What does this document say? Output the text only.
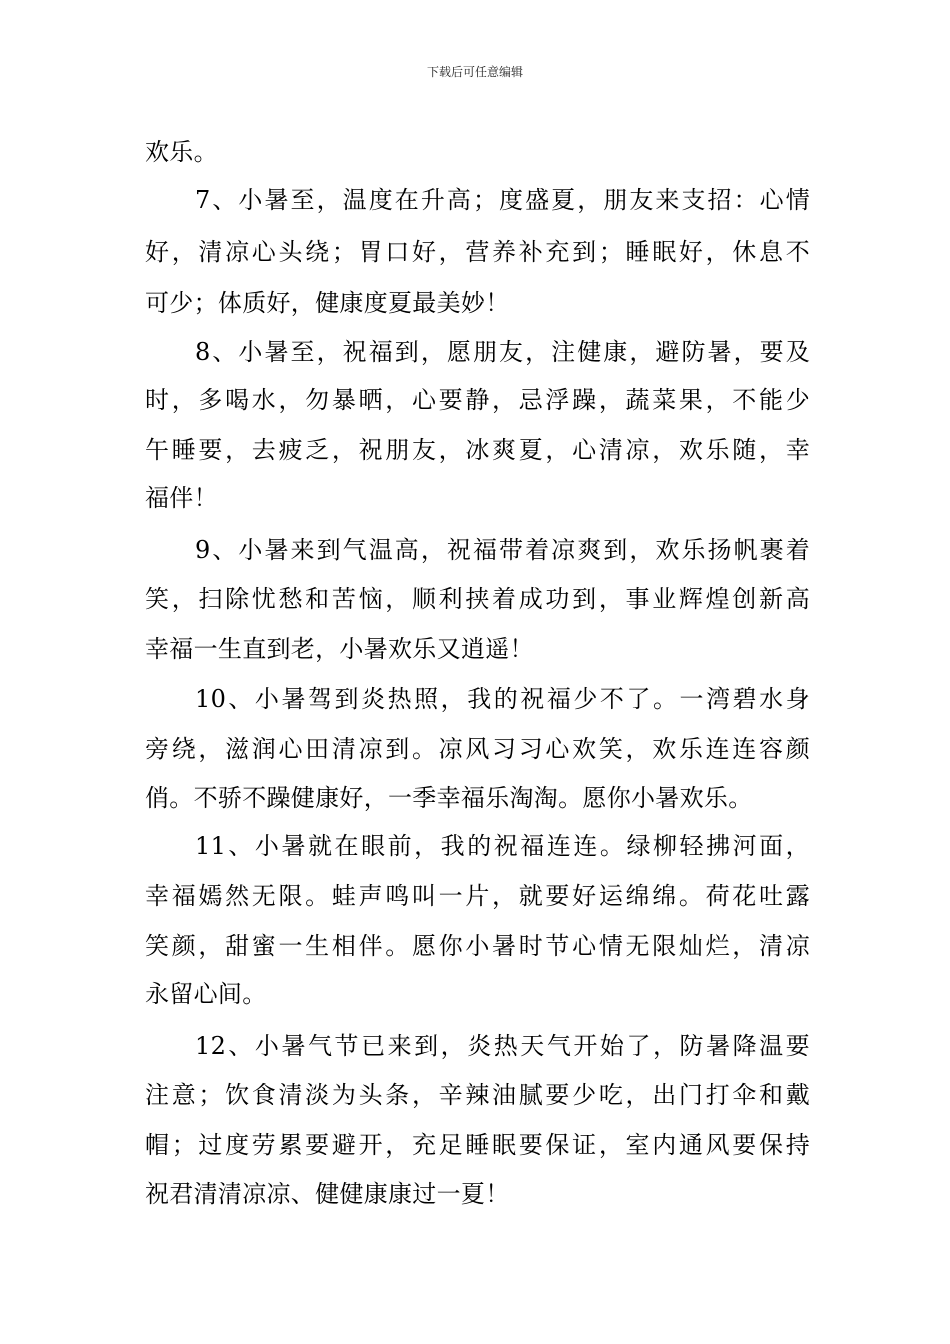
下载后可任意编辑
欢乐。
7、小暑至，温度在升高；度盛夏，朋友来支招：心情
好，清凉心头绕；胃口好，营养补充到；睡眠好，休息不
可少；体质好，健康度夏最美妙！
8、小暑至，祝福到，愿朋友，注健康，避防暑，要及
时，多喝水，勿暴晒，心要静，忌浮躁，蔬菜果，不能少
午睡要，去疲乏，祝朋友，冰爽夏，心清凉，欢乐随，幸
福伴！
9、小暑来到气温高，祝福带着凉爽到，欢乐扬帆裹着
笑，扫除忧愁和苦恼，顺利挟着成功到，事业辉煌创新高
幸福一生直到老，小暑欢乐又逍遥！
10、小暑驾到炎热照，我的祝福少不了。一湾碧水身
旁绕，滋润心田清凉到。凉风习习心欢笑，欢乐连连容颜
俏。不骄不躁健康好，一季幸福乐淘淘。愿你小暑欢乐。
11、小暑就在眼前，我的祝福连连。绿柳轻拂河面，
幸福嫣然无限。蛙声鸣叫一片，就要好运绵绵。荷花吐露
笑颜，甜蜜一生相伴。愿你小暑时节心情无限灿烂，清凉
永留心间。
12、小暑气节已来到，炎热天气开始了，防暑降温要
注意；饮食清淡为头条，辛辣油腻要少吃，出门打伞和戴
帽；过度劳累要避开，充足睡眠要保证，室内通风要保持
祝君清清凉凉、健健康康过一夏！
